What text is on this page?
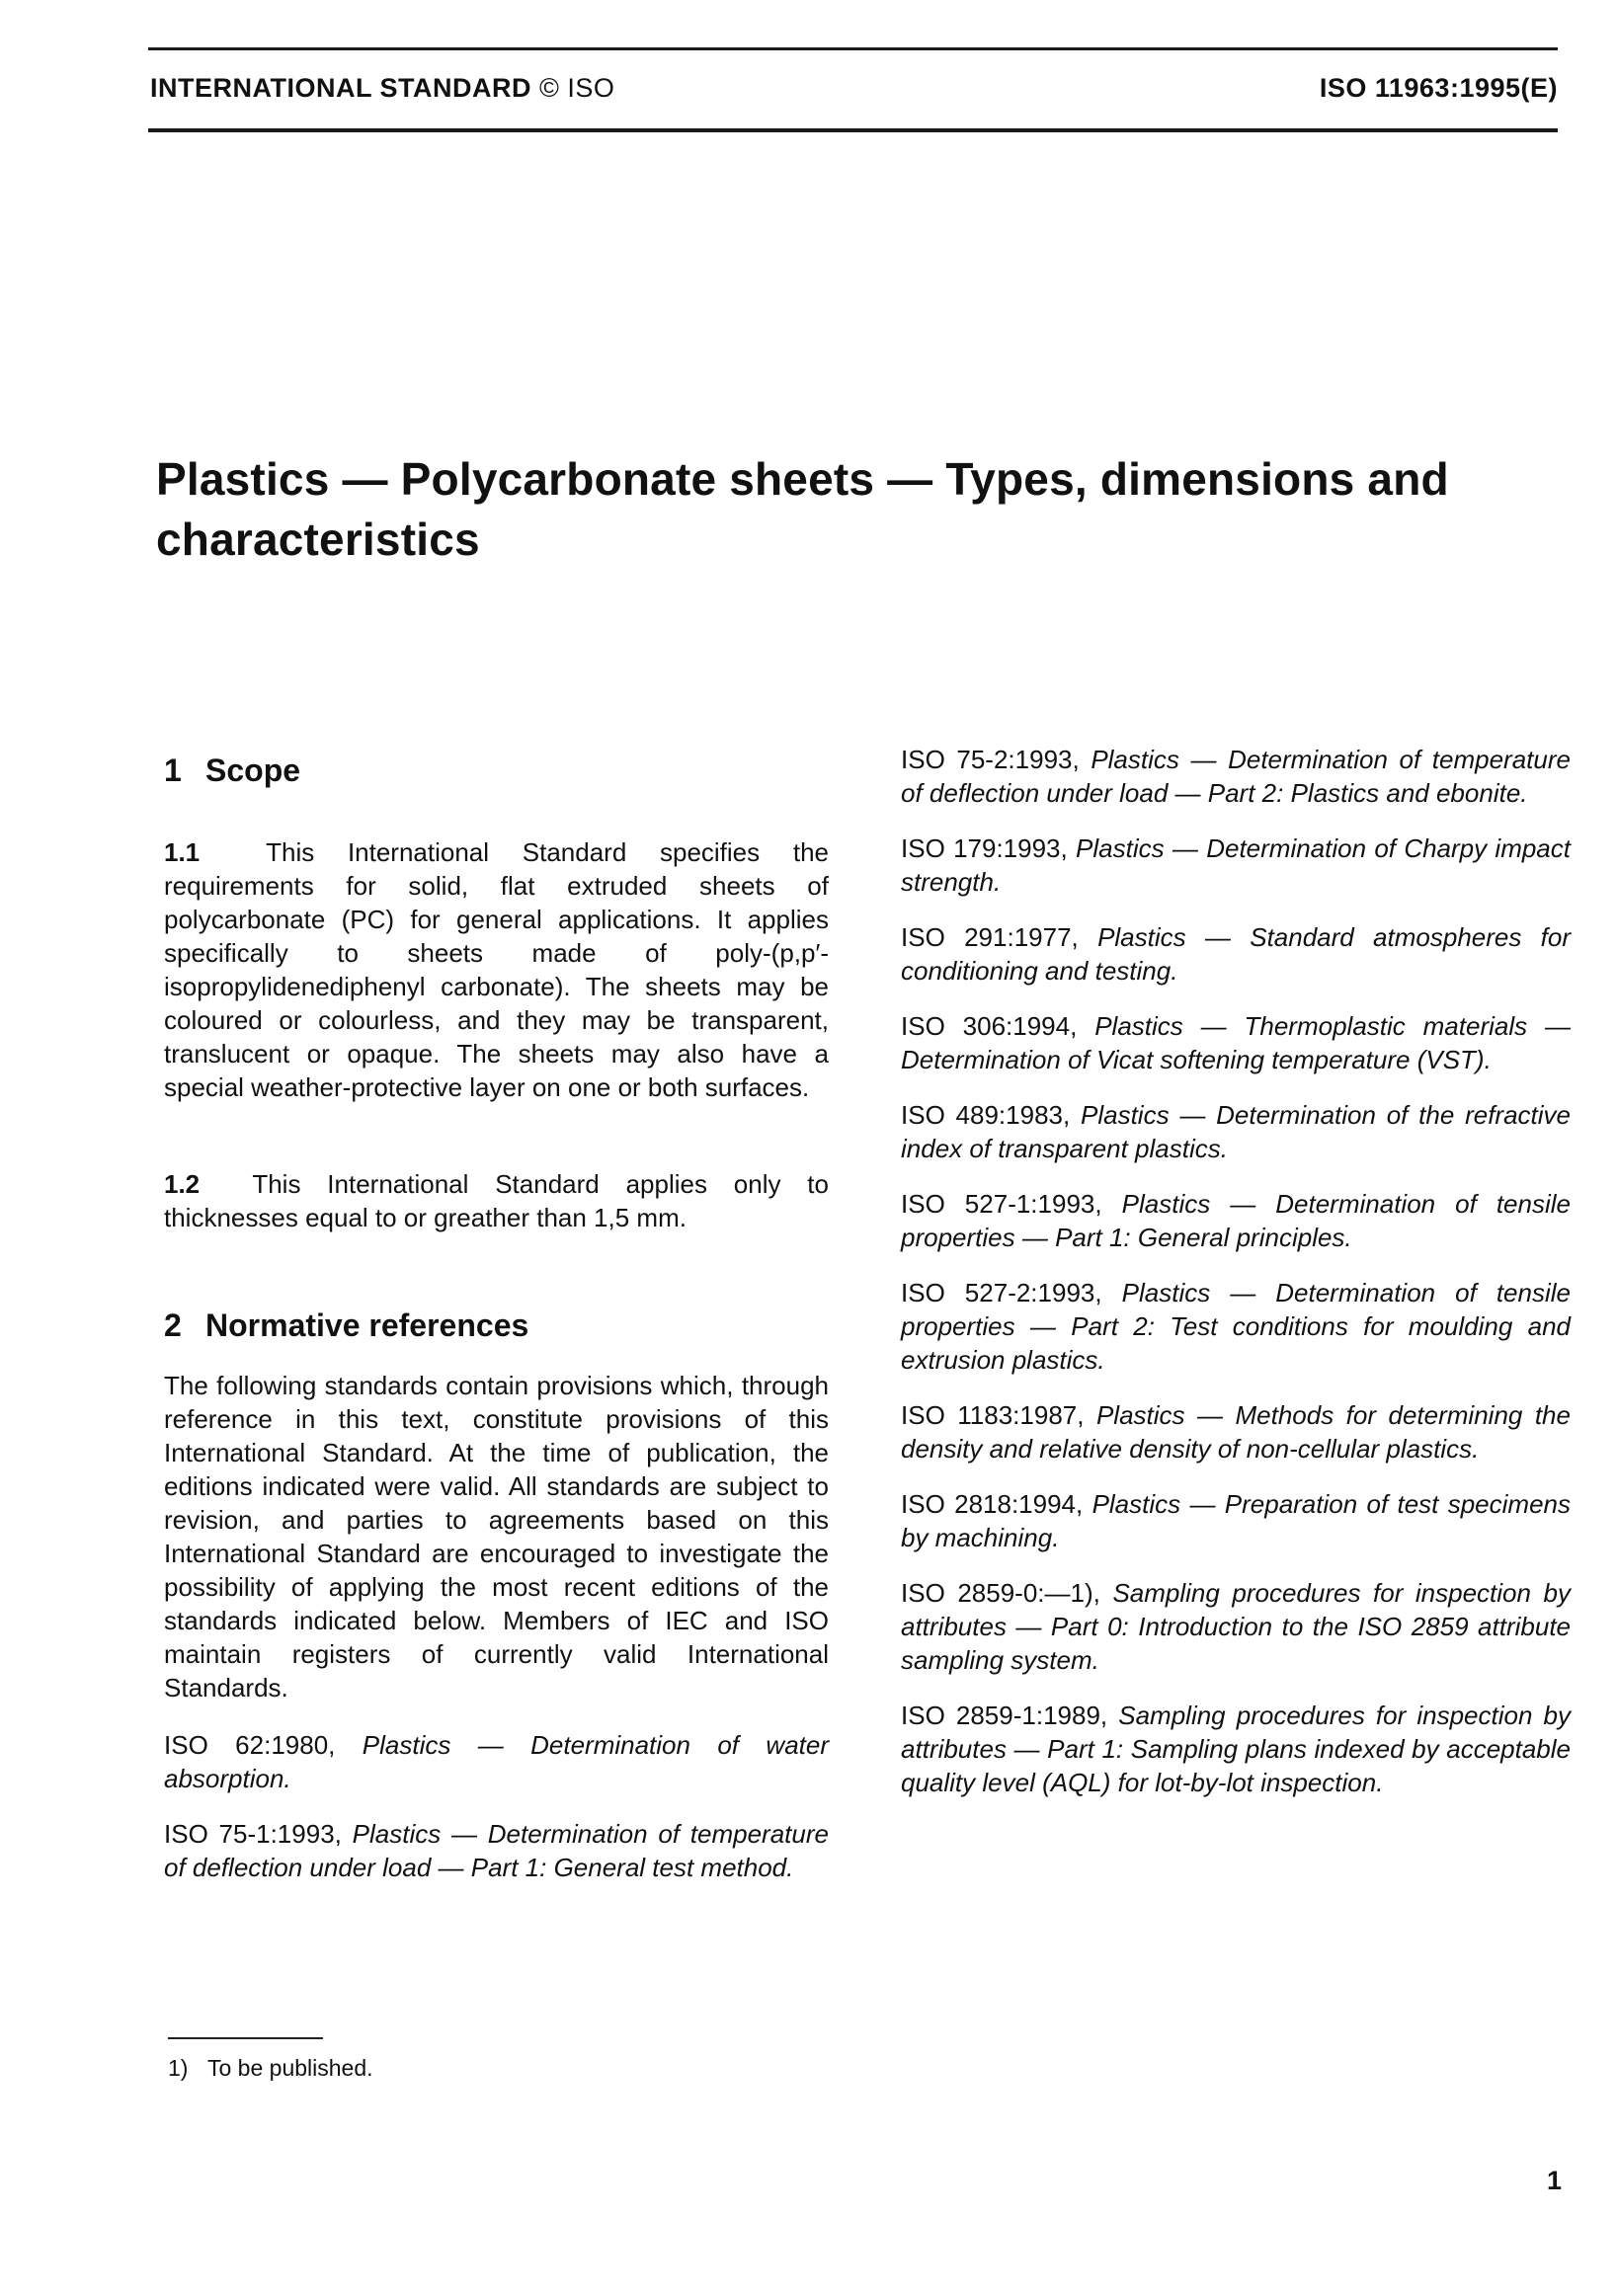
INTERNATIONAL STANDARD © ISO	ISO 11963:1995(E)
Plastics — Polycarbonate sheets — Types, dimensions and characteristics
1 Scope

1.1	This International Standard specifies the requirements for solid, flat extruded sheets of polycarbonate (PC) for general applications. It applies specifically to sheets made of poly-(p,p′-isopropylidenediphenyl carbonate). The sheets may be coloured or colourless, and they may be transparent, translucent or opaque. The sheets may also have a special weather-protective layer on one or both surfaces.

1.2 This International Standard applies only to thicknesses equal to or greather than 1,5 mm.

2 Normative references

The following standards contain provisions which, through reference in this text, constitute provisions of this International Standard. At the time of publication, the editions indicated were valid. All standards are subject to revision, and parties to agreements based on this International Standard are encouraged to investigate the possibility of applying the most recent editions of the standards indicated below. Members of IEC and ISO maintain registers of currently valid International Standards.

ISO 62:1980, Plastics — Determination of water absorption.

ISO 75-1:1993, Plastics — Determination of temperature of deflection under load — Part 1: General test method.

ISO 75-2:1993, Plastics — Determination of temperature of deflection under load — Part 2: Plastics and ebonite.

ISO 179:1993, Plastics — Determination of Charpy impact strength.

ISO 291:1977, Plastics — Standard atmospheres for conditioning and testing.

ISO 306:1994, Plastics — Thermoplastic materials — Determination of Vicat softening temperature (VST).

ISO 489:1983, Plastics — Determination of the refractive index of transparent plastics.

ISO 527-1:1993, Plastics — Determination of tensile properties — Part 1: General principles.

ISO 527-2:1993, Plastics — Determination of tensile properties — Part 2: Test conditions for moulding and extrusion plastics.

ISO 1183:1987, Plastics — Methods for determining the density and relative density of non-cellular plastics.

ISO 2818:1994, Plastics — Preparation of test specimens by machining.

ISO 2859-0:—1), Sampling procedures for inspection by attributes — Part 0: Introduction to the ISO 2859 attribute sampling system.

ISO 2859-1:1989, Sampling procedures for inspection by attributes — Part 1: Sampling plans indexed by acceptable quality level (AQL) for lot-by-lot inspection.

1) To be published.
1
